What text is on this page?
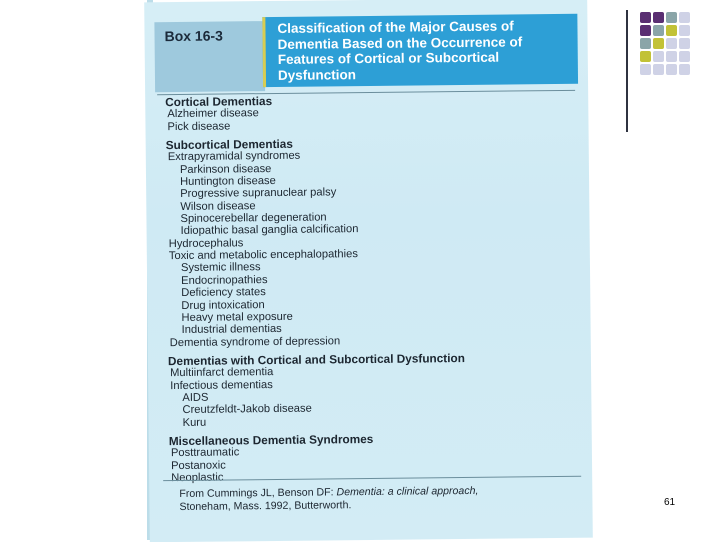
Box 16-3	Classification of the Major Causes of Dementia Based on the Occurrence of Features of Cortical or Subcortical Dysfunction
Cortical Dementias
Alzheimer disease
Pick disease
Subcortical Dementias
Extrapyramidal syndromes
Parkinson disease
Huntington disease
Progressive supranuclear palsy
Wilson disease
Spinocerebellar degeneration
Idiopathic basal ganglia calcification
Hydrocephalus
Toxic and metabolic encephalopathies
Systemic illness
Endocrinopathies
Deficiency states
Drug intoxication
Heavy metal exposure
Industrial dementias
Dementia syndrome of depression
Dementias with Cortical and Subcortical Dysfunction
Multiinfarct dementia
Infectious dementias
AIDS
Creutzfeldt-Jakob disease
Kuru
Miscellaneous Dementia Syndromes
Posttraumatic
Postanoxic
Neoplastic
From Cummings JL, Benson DF: Dementia: a clinical approach,
Stoneham, Mass. 1992, Butterworth.	61
